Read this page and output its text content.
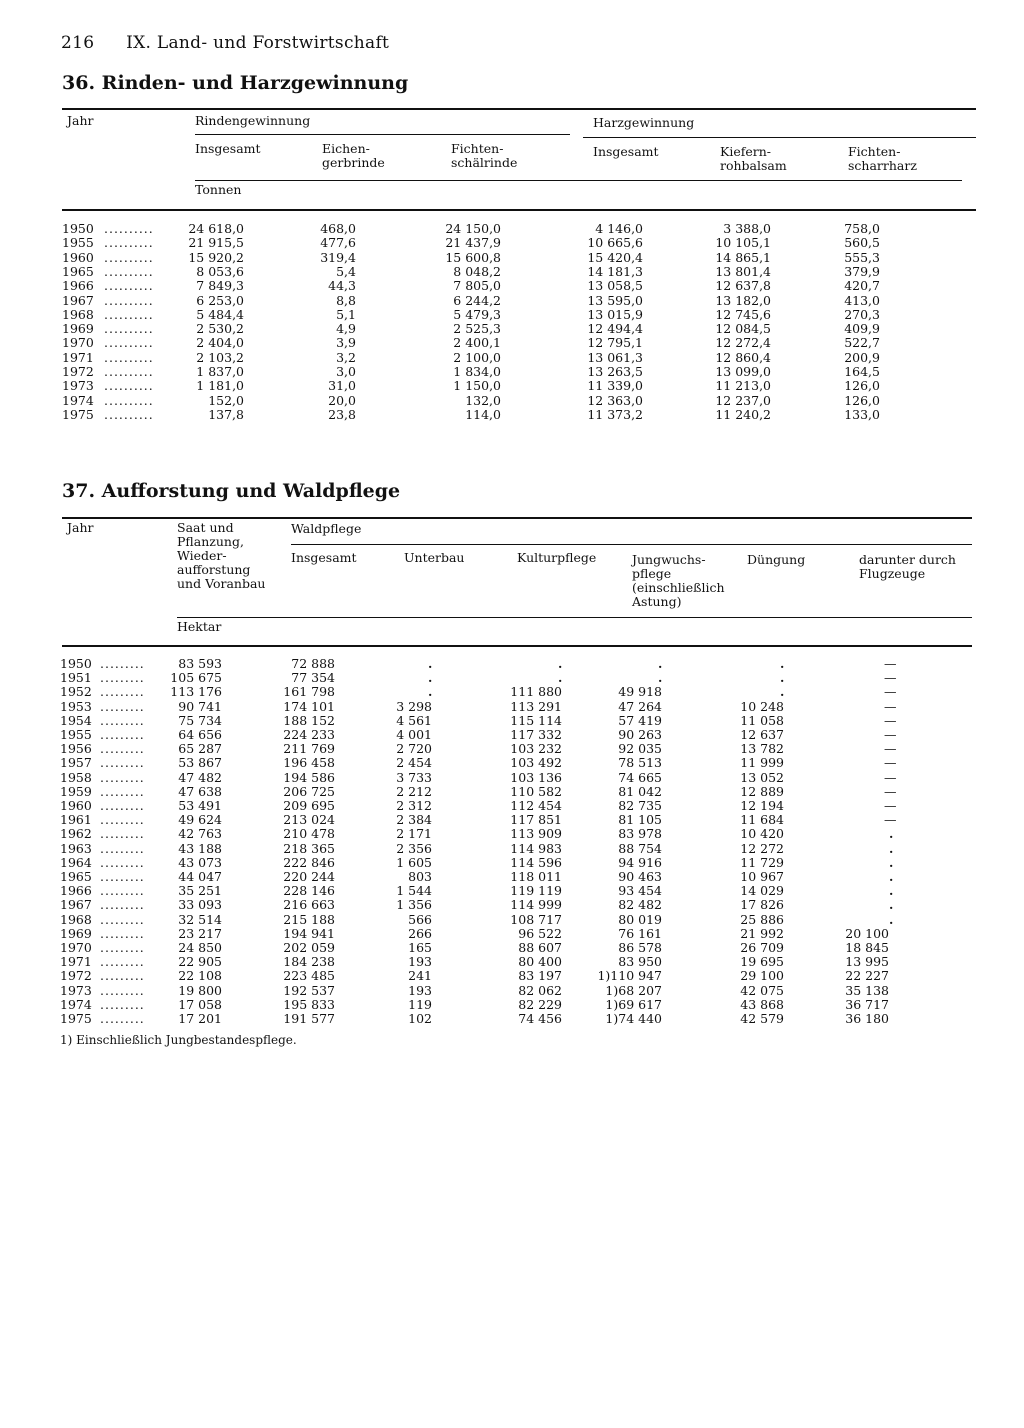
216 IX. Land- und Forstwirtschaft
36. Rinden- und Harzgewinnung
Jahr	Rindengewinnung	Harzgewinnung
Insgesamt	Eichen-
gerbrinde
Fichten-
schälrinde
Insgesamt	Kiefern-
rohbalsam
Fichten-
scharrharz
Tonnen
1950 ..........	24 618,0	468,0	24 150,0	4 146,0	3 388,0	758,0
1955 ..........	21 915,5	477,6	21 437,9	10 665,6	10 105,1	560,5
1960 ..........	15 920,2	319,4	15 600,8	15 420,4	14 865,1	555,3
1965 ..........	8 053,6	5,4	8 048,2	14 181,3	13 801,4	379,9
1966 ..........	7 849,3	44,3	7 805,0	13 058,5	12 637,8	420,7
1967 ..........	6 253,0	8,8	6 244,2	13 595,0	13 182,0	413,0
1968 ..........	5 484,4	5,1	5 479,3	13 015,9	12 745,6	270,3
1969 ..........	2 530,2	4,9	2 525,3	12 494,4	12 084,5	409,9
1970 ..........	2 404,0	3,9	2 400,1	12 795,1	12 272,4	522,7
1971 ..........	2 103,2	3,2	2 100,0	13 061,3	12 860,4	200,9
1972 ..........	1 837,0	3,0	1 834,0	13 263,5	13 099,0	164,5
1973 ..........	1 181,0	31,0	1 150,0	11 339,0	11 213,0	126,0
1974 ..........	152,0	20,0	132,0	12 363,0	12 237,0	126,0
1975 ..........	137,8	23,8	114,0	11 373,2	11 240,2	133,0
37. Aufforstung und Waldpflege
Jahr	Saat und
Pflanzung,
Wieder-
aufforstung
und Voranbau
Waldpflege
Insgesamt	Unterbau	Kulturpflege	Jungwuchs-
pflege
(einschließlich
Astung)
Düngung	darunter durch
Flugzeuge
Hektar
1950 .........	83 593	72 888	.	.	.	.	—
1951 ......... 105 675	77 354	.	.	.	.	—
1952 ......... 113 176	161 798	.	111 880	49 918	.	—
1953 .........	90 741	174 101	3 298	113 291	47 264	10 248	—
1954 .........	75 734	188 152	4 561	115 114	57 419	11 058	—
1955 .........	64 656	224 233	4 001	117 332	90 263	12 637	—
1956 .........	65 287	211 769	2 720	103 232	92 035	13 782	—
1957 .........	53 867	196 458	2 454	103 492	78 513	11 999	—
1958 .........	47 482	194 586	3 733	103 136	74 665	13 052	—
1959 .........	47 638	206 725	2 212	110 582	81 042	12 889	—
1960 .........	53 491	209 695	2 312	112 454	82 735	12 194	—
1961 .........	49 624	213 024	2 384	117 851	81 105	11 684	—
1962 .........	42 763	210 478	2 171	113 909	83 978	10 420	.
1963 .........	43 188	218 365	2 356	114 983	88 754	12 272	.
1964 .........	43 073	222 846	1 605	114 596	94 916	11 729	.
1965 .........	44 047	220 244	803	118 011	90 463	10 967	.
1966 .........	35 251	228 146	1 544	119 119	93 454	14 029	.
1967 .........	33 093	216 663	1 356	114 999	82 482	17 826	.
1968 .........	32 514	215 188	566	108 717	80 019	25 886	.
1969 .........	23 217	194 941	266	96 522	76 161	21 992	20 100
1970 .........	24 850	202 059	165	88 607	86 578	26 709	18 845
1971 .........	22 905	184 238	193	80 400	83 950	19 695	13 995
1972 .........	22 108	223 485	241	83 197	1)110 947	29 100	22 227
1973 .........	19 800	192 537	193	82 062	1)68 207	42 075	35 138
1974 .........	17 058	195 833	119	82 229	1)69 617	43 868	36 717
1975 .........	17 201	191 577	102	74 456	1)74 440	42 579	36 180
1) Einschließlich Jungbestandespflege.
